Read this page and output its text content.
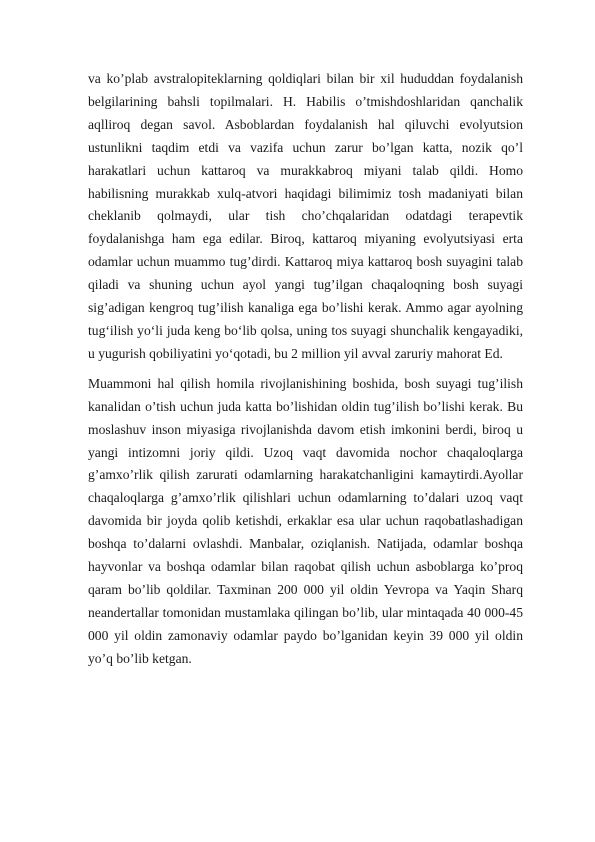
va ko’plab avstralopiteklarning qoldiqlari bilan bir xil hududdan foydalanish belgilarining bahsli topilmalari. H. Habilis o’tmishdoshlaridan qanchalik aqlliroq degan savol. Asboblardan foydalanish hal qiluvchi evolyutsion ustunlikni taqdim etdi va vazifa uchun zarur bo’lgan katta, nozik qo’l harakatlari uchun kattaroq va murakkabroq miyani talab qildi. Homo habilisning murakkab xulq-atvori haqidagi bilimimiz tosh madaniyati bilan cheklanib qolmaydi, ular tish cho’chqalaridan odatdagi terapevtik foydalanishga ham ega edilar. Biroq, kattaroq miyaning evolyutsiyasi erta odamlar uchun muammo tug’dirdi. Kattaroq miya kattaroq bosh suyagini talab qiladi va shuning uchun ayol yangi tug’ilgan chaqaloqning bosh suyagi sig’adigan kengroq tug’ilish kanaliga ega bo’lishi kerak. Ammo agar ayolning tug‘ilish yo‘li juda keng bo‘lib qolsa, uning tos suyagi shunchalik kengayadiki, u yugurish qobiliyatini yo‘qotadi, bu 2 million yil avval zaruriy mahorat Ed.

Muammoni hal qilish homila rivojlanishining boshida, bosh suyagi tug’ilish kanalidan o’tish uchun juda katta bo’lishidan oldin tug’ilish bo’lishi kerak. Bu moslashuv inson miyasiga rivojlanishda davom etish imkonini berdi, biroq u yangi intizomni joriy qildi. Uzoq vaqt davomida nochor chaqaloqlarga g’amxo’rlik qilish zarurati odamlarning harakatchanligini kamaytirdi.Ayollar chaqaloqlarga g’amxo’rlik qilishlari uchun odamlarning to’dalari uzoq vaqt davomida bir joyda qolib ketishdi, erkaklar esa ular uchun raqobatlashadigan boshqa to’dalarni ovlashdi. Manbalar, oziqlanish. Natijada, odamlar boshqa hayvonlar va boshqa odamlar bilan raqobat qilish uchun asboblarga ko’proq qaram bo’lib qoldilar. Taxminan 200 000 yil oldin Yevropa va Yaqin Sharq neandertallar tomonidan mustamlaka qilingan bo’lib, ular mintaqada 40 000-45 000 yil oldin zamonaviy odamlar paydo bo’lganidan keyin 39 000 yil oldin yo’q bo’lib ketgan.
